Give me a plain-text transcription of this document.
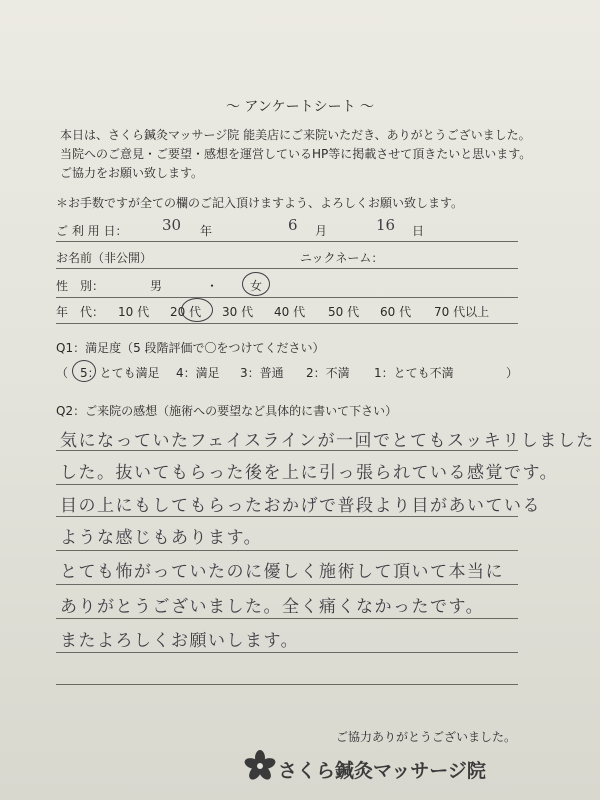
～ アンケートシート ～
本日は、さくら鍼灸マッサージ院 能美店にご来院いただき、ありがとうございました。
当院へのご意見・ご要望・感想を運営しているHP等に掲載させて頂きたいと思います。
ご協力をお願い致します。
＊お手数ですが全ての欄のご記入頂けますよう、よろしくお願い致します。
ご 利 用 日： 30 年	6 月	16 日
お名前（非公開）	ニックネーム：
性　別：	男	・	女
年　代： 10 代 20 代 30 代 40 代 50 代 60 代 70 代以上
Q1：満足度（5 段階評価で〇をつけてください）
（ 5：とても満足 4：満足 3：普通 2：不満 1：とても不満	）
Q2：ご来院の感想（施術への要望など具体的に書いて下さい）
気になっていたフェイスラインが一回でとてもスッキリしました
した。抜いてもらった後を上に引っ張られている感覚です。
目の上にもしてもらったおかげで普段より目があいている
ような感じもあります。
とても怖がっていたのに優しく施術して頂いて本当に
ありがとうございました。全く痛くなかったです。
またよろしくお願いします。
ご協力ありがとうございました。
さくら鍼灸マッサージ院
